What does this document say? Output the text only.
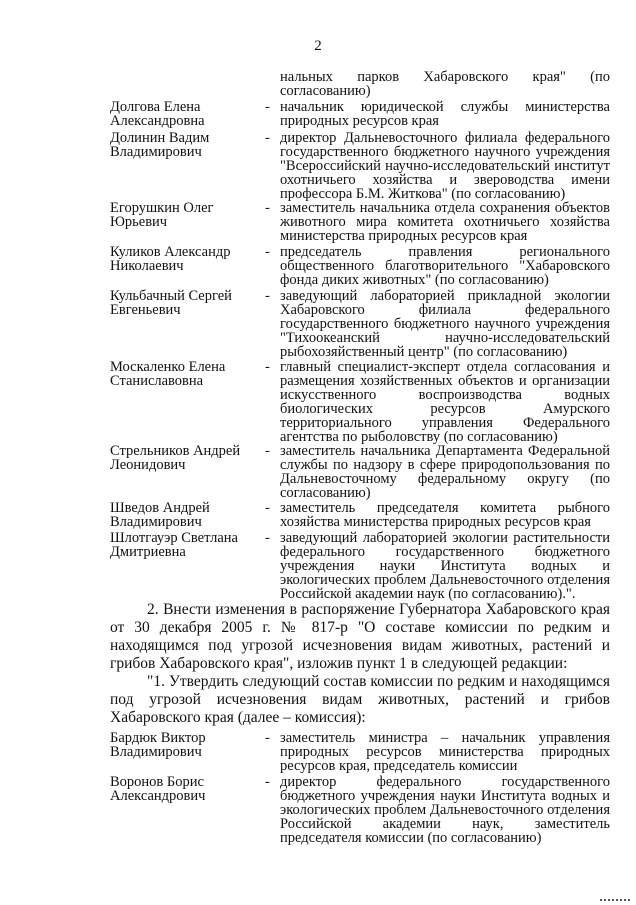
2
нальных парков Хабаровского края" (по согласованию)
Долгова Елена Александровна
- начальник юридической службы министерства природных ресурсов края
Долинин Вадим Владимирович
- директор Дальневосточного филиала федерального государственного бюджетного научного учреждения "Всероссийский научно-исследовательский институт охотничьего хозяйства и звероводства имени профессора Б.М. Житкова" (по согласованию)
Егорушкин Олег Юрьевич
- заместитель начальника отдела сохранения объектов животного мира комитета охотничьего хозяйства министерства природных ресурсов края
Куликов Александр Николаевич
- председатель правления регионального общественного благотворительного "Хабаровского фонда диких животных" (по согласованию)
Кульбачный Сергей Евгеньевич
- заведующий лабораторией прикладной экологии Хабаровского филиала федерального государственного бюджетного научного учреждения "Тихоокеанский научно-исследовательский рыбохозяйственный центр" (по согласованию)
Москаленко Елена Станиславовна
- главный специалист-эксперт отдела согласования и размещения хозяйственных объектов и организации искусственного воспроизводства водных биологических ресурсов Амурского территориального управления Федерального агентства по рыболовству (по согласованию)
Стрельников Андрей Леонидович
- заместитель начальника Департамента Федеральной службы по надзору в сфере природопользования по Дальневосточному федеральному округу (по согласованию)
Шведов Андрей Владимирович
- заместитель председателя комитета рыбного хозяйства министерства природных ресурсов края
Шлотгауэр Светлана Дмитриевна
- заведующий лабораторией экологии растительности федерального государственного бюджетного учреждения науки Института водных и экологических проблем Дальневосточного отделения Российской академии наук (по согласованию).".
2. Внести изменения в распоряжение Губернатора Хабаровского края от 30 декабря 2005 г. № 817-р "О составе комиссии по редким и находящимся под угрозой исчезновения видам животных, растений и грибов Хабаровского края", изложив пункт 1 в следующей редакции:
"1. Утвердить следующий состав комиссии по редким и находящимся под угрозой исчезновения видам животных, растений и грибов Хабаровского края (далее – комиссия):
Бардюк Виктор Владимирович
- заместитель министра – начальник управления природных ресурсов министерства природных ресурсов края, председатель комиссии
Воронов Борис Александрович
- директор федерального государственного бюджетного учреждения науки Института водных и экологических проблем Дальневосточного отделения Российской академии наук, заместитель председателя комиссии (по согласованию)
